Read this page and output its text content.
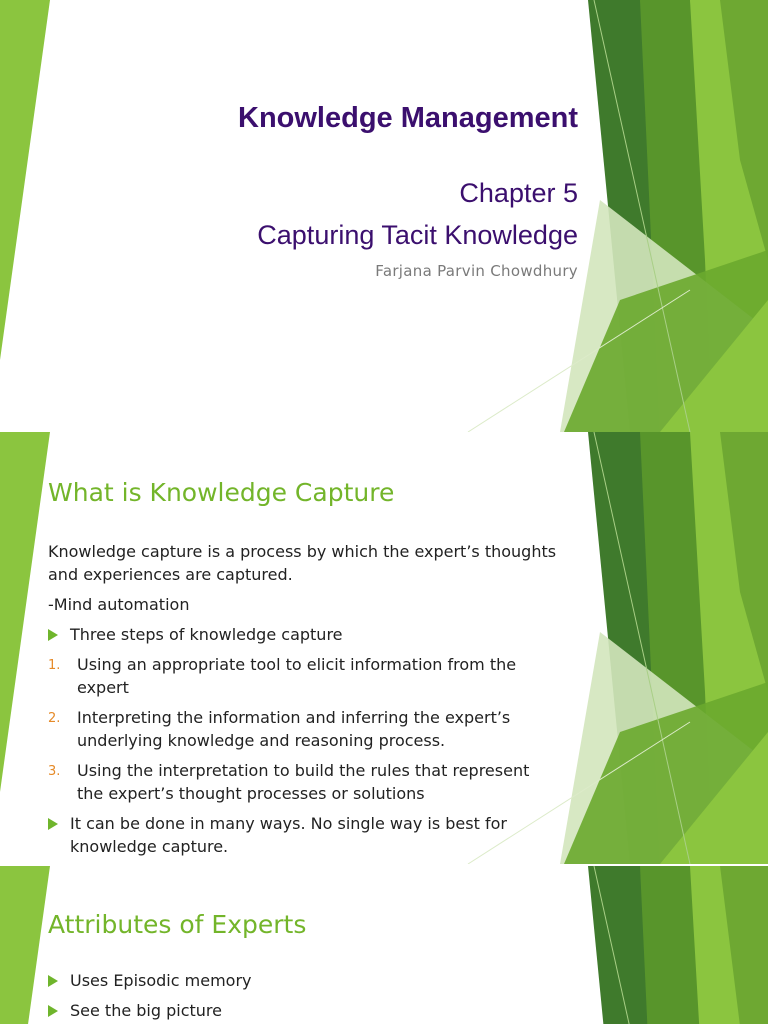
Knowledge Management
Chapter 5
Capturing Tacit Knowledge
Farjana Parvin Chowdhury
What is Knowledge Capture

Knowledge capture is a process by which the expert’s thoughts and experiences are captured.

-Mind automation

Three steps of knowledge capture
1. Using an appropriate tool to elicit information from the expert
2. Interpreting the information and inferring the expert’s underlying knowledge and reasoning process.
3. Using the interpretation to build the rules that represent the expert’s thought processes or solutions
It can be done in many ways. No single way is best for knowledge capture.
Attributes of Experts
Uses Episodic memory
See the big picture
